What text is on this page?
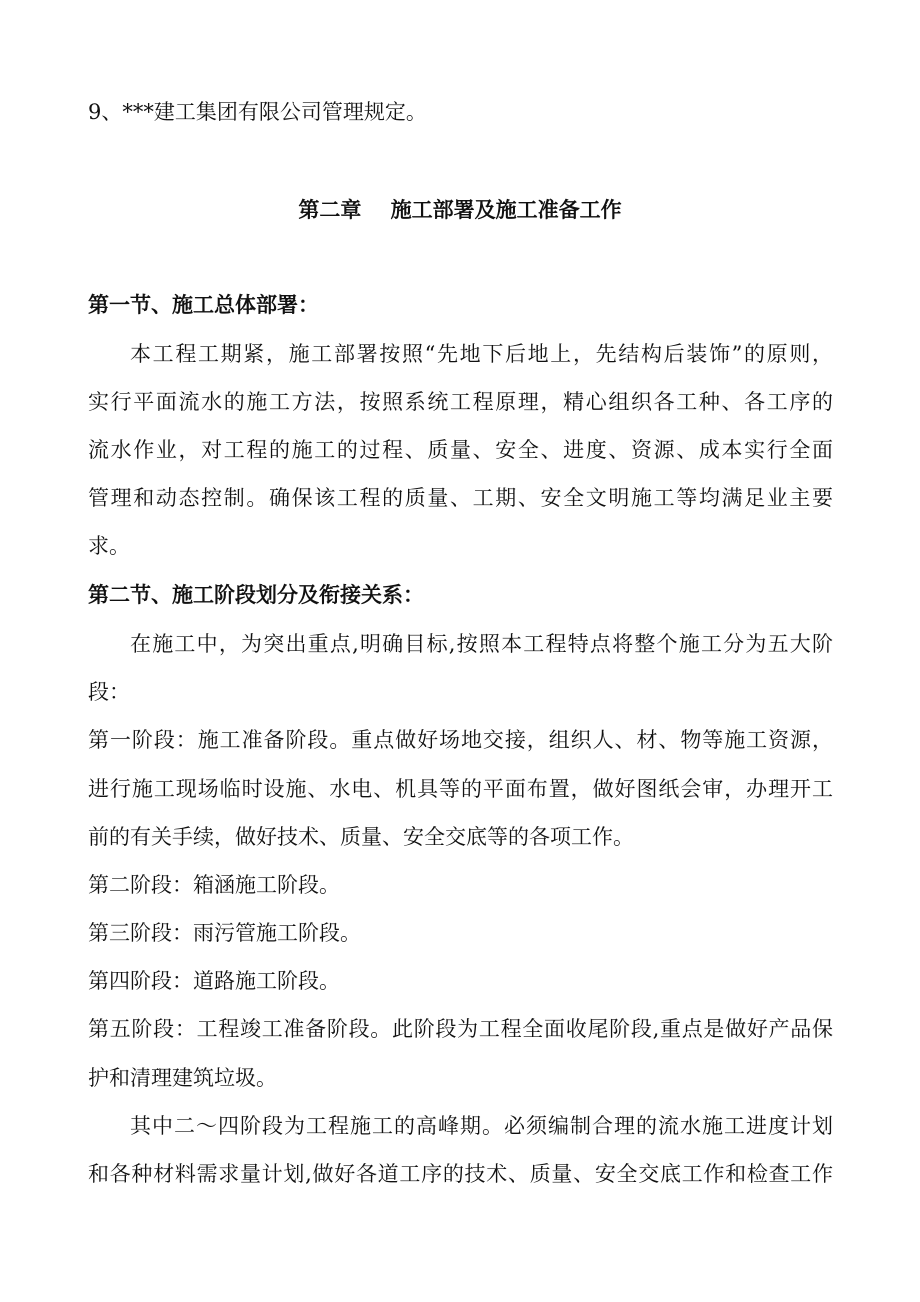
9、***建工集团有限公司管理规定。
第二章    施工部署及施工准备工作
第一节、施工总体部署：
本工程工期紧，施工部署按照“先地下后地上，先结构后装饰”的原则，
实行平面流水的施工方法，按照系统工程原理，精心组织各工种、各工序的
流水作业，对工程的施工的过程、质量、安全、进度、资源、成本实行全面
管理和动态控制。确保该工程的质量、工期、安全文明施工等均满足业主要
求。
第二节、施工阶段划分及衔接关系：
在施工中，为突出重点,明确目标,按照本工程特点将整个施工分为五大阶
段：
第一阶段：施工准备阶段。重点做好场地交接，组织人、材、物等施工资源，
进行施工现场临时设施、水电、机具等的平面布置，做好图纸会审，办理开工
前的有关手续，做好技术、质量、安全交底等的各项工作。
第二阶段：箱涵施工阶段。
第三阶段：雨污管施工阶段。
第四阶段：道路施工阶段。
第五阶段：工程竣工准备阶段。此阶段为工程全面收尾阶段,重点是做好产品保
护和清理建筑垃圾。
其中二～四阶段为工程施工的高峰期。必须编制合理的流水施工进度计划
和各种材料需求量计划,做好各道工序的技术、质量、安全交底工作和检查工作
